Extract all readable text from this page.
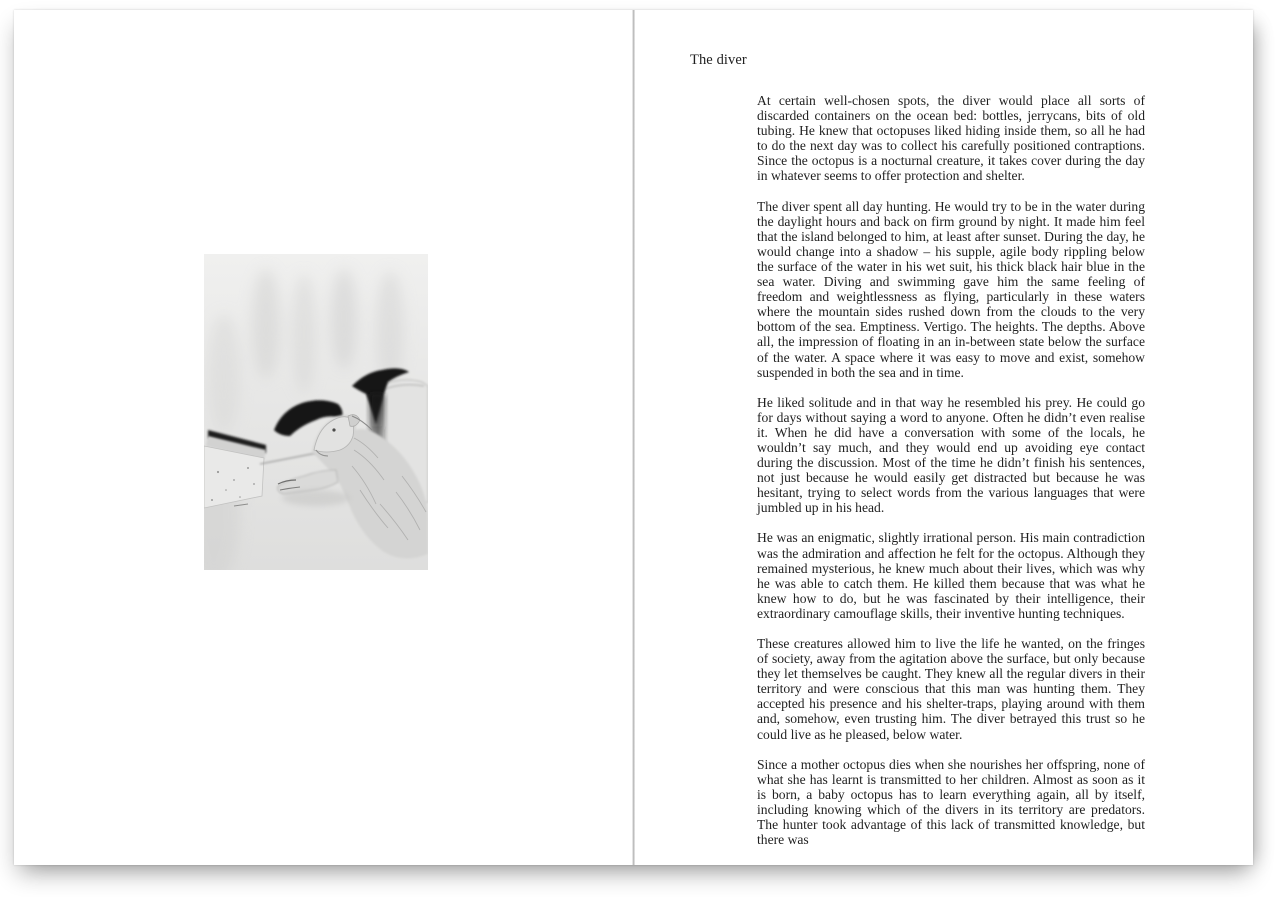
The diver

At certain well-chosen spots, the diver would place all sorts of discarded containers on the ocean bed: bottles, jerrycans, bits of old tubing. He knew that octopuses liked hiding inside them, so all he had to do the next day was to collect his carefully positioned contraptions. Since the octopus is a nocturnal creature, it takes cover during the day in whatever seems to offer protection and shelter.

The diver spent all day hunting. He would try to be in the water during the daylight hours and back on firm ground by night. It made him feel that the island belonged to him, at least after sunset. During the day, he would change into a shadow – his supple, agile body rippling below the surface of the water in his wet suit, his thick black hair blue in the sea water. Diving and swimming gave him the same feeling of freedom and weightlessness as flying, particularly in these waters where the mountain sides rushed down from the clouds to the very bottom of the sea. Emptiness. Vertigo. The heights. The depths. Above all, the impression of floating in an in-between state below the surface of the water. A space where it was easy to move and exist, somehow suspended in both the sea and in time.

He liked solitude and in that way he resembled his prey. He could go for days without saying a word to anyone. Often he didn’t even realise it. When he did have a conversation with some of the locals, he wouldn’t say much, and they would end up avoiding eye contact during the discussion. Most of the time he didn’t finish his sentences, not just because he would easily get distracted but because he was hesitant, trying to select words from the various languages that were jumbled up in his head.

He was an enigmatic, slightly irrational person. His main contradiction was the admiration and affection he felt for the octopus. Although they remained mysterious, he knew much about their lives, which was why he was able to catch them. He killed them because that was what he knew how to do, but he was fascinated by their intelligence, their extraordinary camouflage skills, their inventive hunting techniques.

These creatures allowed him to live the life he wanted, on the fringes of society, away from the agitation above the surface, but only because they let themselves be caught. They knew all the regular divers in their territory and were conscious that this man was hunting them. They accepted his presence and his shelter-traps, playing around with them and, somehow, even trusting him. The diver betrayed this trust so he could live as he pleased, below water.

Since a mother octopus dies when she nourishes her offspring, none of what she has learnt is transmitted to her children. Almost as soon as it is born, a baby octopus has to learn everything again, all by itself, including knowing which of the divers in its territory are predators. The hunter took advantage of this lack of transmitted knowledge, but there was
